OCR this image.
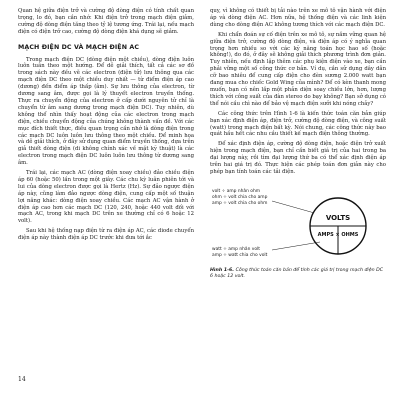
Quan hệ giữa điện trở và cường độ dòng điện có tính chất quan trọng, lo đó, bạn cần nhớ: Khi điện trở trong mạch điện giảm, cường độ dòng điện tăng theo tỷ lệ tương ứng. Trái lại, nếu mạch điện có điện trở cao, cường độ dòng điện khá dụng sẽ giảm.

MẠCH ĐIỆN DC VÀ MẠCH ĐIỆN AC

Trong mạch điện DC (dòng điện một chiều), dòng điện luôn luôn tuân theo một hướng. Để dễ giải thích, tất cả các sơ đồ trong sách này đều vẽ các electron (điện tử) lưu thông qua các mạch điện DC theo một chiều duy nhất — từ điểm điện áp cao (dương) đến điểm áp thấp (âm). Sự lưu thông của electron, từ dương sang âm, được gọi là lý thuyết electron truyền thống. Thực ra chuyển động của electron ở cấp dưới nguyên tử chỉ là chuyển từ âm sang dương trong mạch điện DC). Tuy nhiên, dù không thể nhìn thấy hoạt động của các electron trong mạch điện, chiều chuyển động của chúng không thành vấn đề. Với các mục đích thiết thực, điều quan trọng cần nhớ là dòng điện trong các mạch DC luôn luôn lưu thông theo một chiều. Để minh họa và dễ giải thích, ở đây sử dụng quan điểm truyền thống, dựa trên giả thiết dòng điện (di không chính xác về mặt kỹ thuật) là các electron trong mạch điện DC luôn luôn lưu thông từ dương sang âm.

Trái lại, các mạch AC (dòng điện xoay chiều) đảo chiều điện áp 60 (hoặc 50) lần trong một giây. Các chu kỳ luân phiên tới và lui của dòng electron được gọi là Hertz (Hz). Sự đảo ngược điện áp này, cũng làm đảo ngược dòng điện, cung cấp một số thuận lợi năng khác: dòng điện xoay chiều. Các mạch AC vận hành ở điện áp cao hơn các mạch DC (120, 240, hoặc 440 volt đối với mạch AC, trong khi mạch DC trên xe thường chỉ có 6 hoặc 12 volt).

Sau khi hệ thống nạp điện từ ra điện áp AC, các diode chuyển điện áp này thành điện áp DC trước khi đưa tới ắc

quy, vì không có thiết bị tải nào trên xe mô tô vận hành với điện áp và dòng điện AC. Hơn nữa, hệ thống điện và các linh kiện dùng cho dòng điện AC không tương thích với các mạch điện DC.

Khi chẩn đoán sự cố điện trên xe mô tô, sự nắm vững quan hệ giữa điện trở, cường độ dòng điện, và điện áp có ý nghĩa quan trọng hơn nhiều so với các kỹ năng toán học hao số (hoặc không!), do đó, ở đây sẽ không giải thích phương trình đơn giản. Tuy nhiên, nếu định lập thêm các phụ kiện điện vào xe, bạn cần phải vững một số công thức cơ bản. Ví dụ, cần sử dụng dây dẫn cỡ bao nhiêu để cung cấp điện cho đèn sương 2.000 watt bạn đang mua cho chiếc Gold Wing của mình? Để có kèn thanh mong muốn, bạn có nên lắp một phản diện soay chiều lớn, hơn, lượng thích với công suất của đàn stereo do bạy không? Bạn sở dụng có thể nói cầu chì nào để bảo vệ mạch điện sưởi khi nóng chảy?

Các công thức trên Hình 1-6 là kiến thức toán căn bản giúp bạn xác định điện áp, điện trở, cường độ dòng điện, và công suất (watt) trong mạch điện bất kỳ. Nói chung, các công thức này bao quát hầu hết các nhu cầu thiết kế mạch điện thông thường.

Để xác định điện áp, cường độ dòng điện, hoặc điện trở xuất hiện trong mạch điện, bạn chỉ cần biết giá trị của hai trong ba đại lượng này, rồi tìm đại lượng thứ ba có thể xác định điện áp trên hai giá trị đó. Thực hiện các phép toán đơn giản này cho phép bạn tính toán các tải điện.

volt ÷ amp nhân ohm
ohm ÷ volt chia cho amp
amp ÷ volt chia cho ohm
VOLTS
AMPS × OHMS
watt ÷ amp nhân volt
amp ÷ watt chia cho volt
Hình 1-6. Công thức toán căn bản để tính các giá trị trong mạch điện DC 6 hoặc 12 volt.
14
